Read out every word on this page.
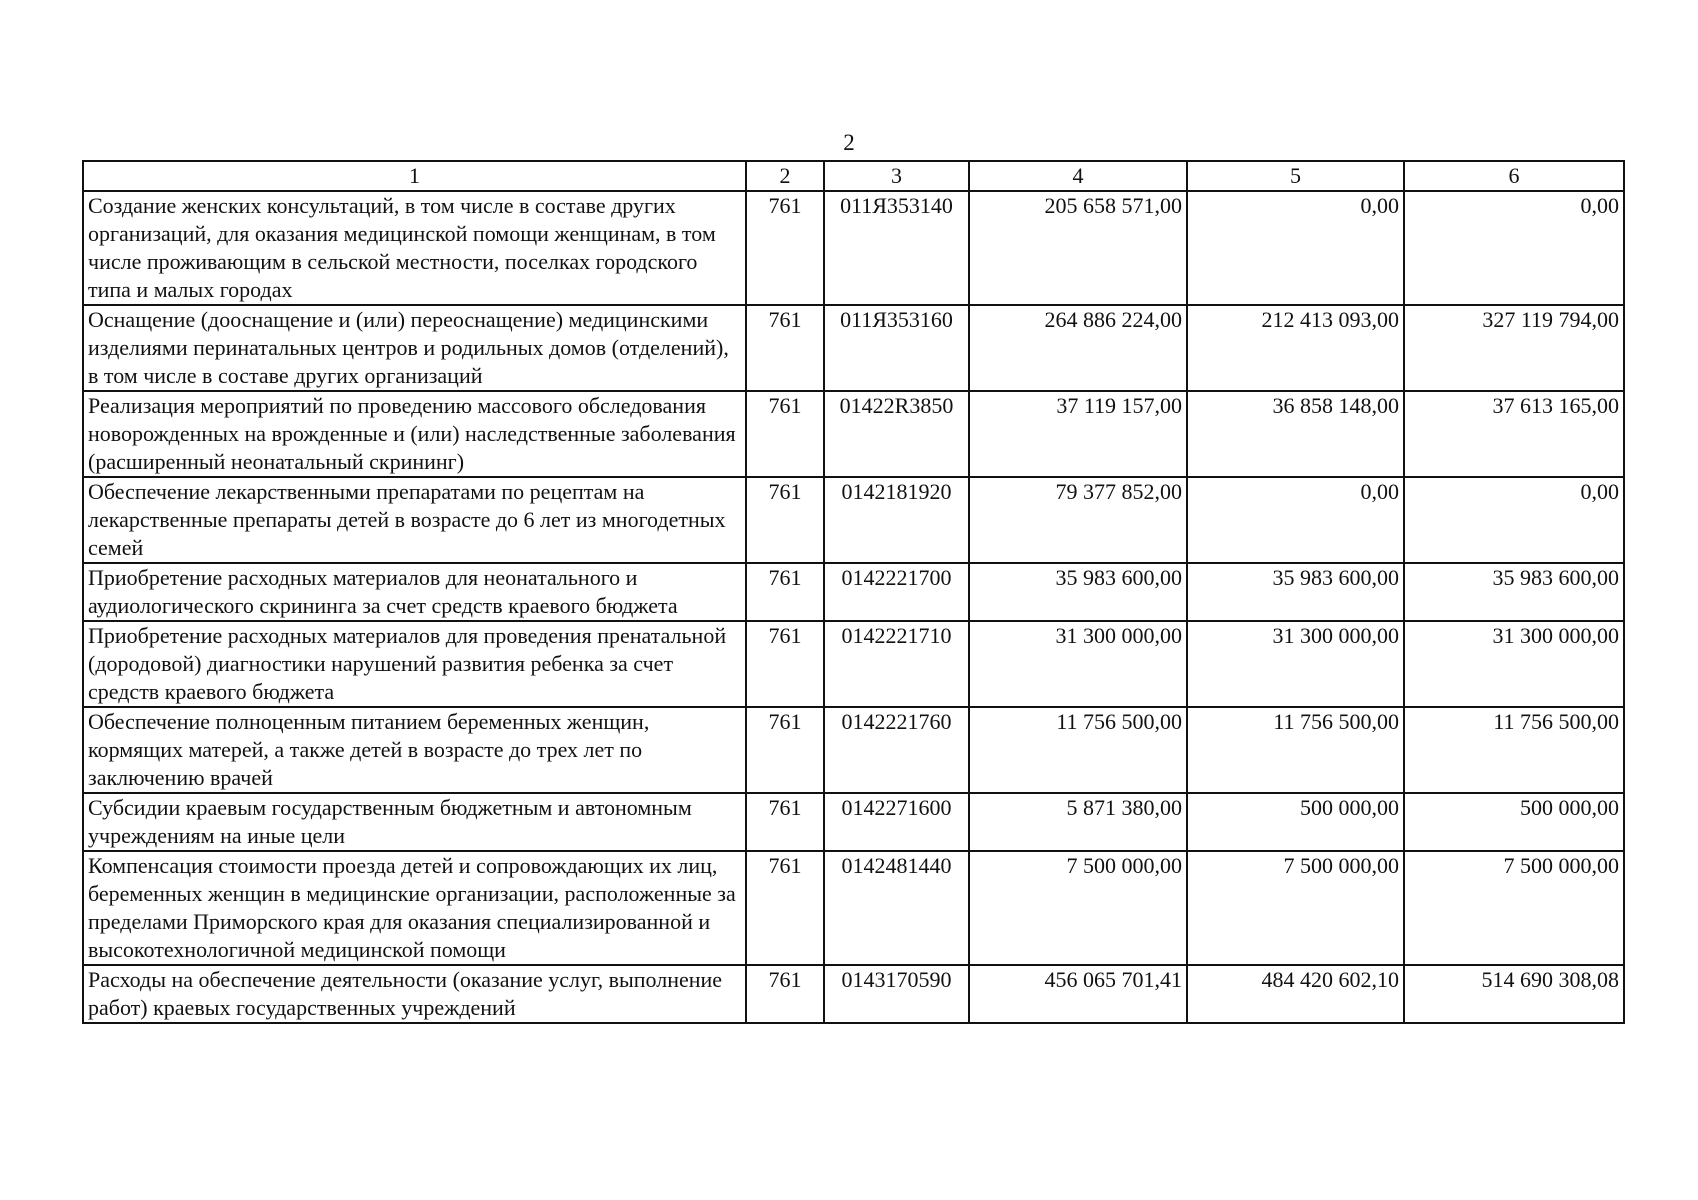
2
1	2	3	4	5	6
Создание женских консультаций, в том числе в составе других организаций, для оказания медицинской помощи женщинам, в том числе проживающим в сельской местности, поселках городского типа и малых городах	761	011Я353140	205 658 571,00	0,00	0,00
Оснащение (дооснащение и (или) переоснащение) медицинскими изделиями перинатальных центров и родильных домов (отделений), в том числе в составе других организаций	761	011Я353160	264 886 224,00	212 413 093,00	327 119 794,00
Реализация мероприятий по проведению массового обследования новорожденных на врожденные и (или) наследственные заболевания (расширенный неонатальный скрининг)	761	01422R3850	37 119 157,00	36 858 148,00	37 613 165,00
Обеспечение лекарственными препаратами по рецептам на лекарственные препараты детей в возрасте до 6 лет из многодетных семей	761	0142181920	79 377 852,00	0,00	0,00
Приобретение расходных материалов для неонатального и аудиологического скрининга за счет средств краевого бюджета	761	0142221700	35 983 600,00	35 983 600,00	35 983 600,00
Приобретение расходных материалов для проведения пренатальной (дородовой) диагностики нарушений развития ребенка за счет средств краевого бюджета	761	0142221710	31 300 000,00	31 300 000,00	31 300 000,00
Обеспечение полноценным питанием беременных женщин, кормящих матерей, а также детей в возрасте до трех лет по заключению врачей	761	0142221760	11 756 500,00	11 756 500,00	11 756 500,00
Субсидии краевым государственным бюджетным и автономным учреждениям на иные цели	761	0142271600	5 871 380,00	500 000,00	500 000,00
Компенсация стоимости проезда детей и сопровождающих их лиц, беременных женщин в медицинские организации, расположенные за пределами Приморского края для оказания специализированной и высокотехнологичной медицинской помощи	761	0142481440	7 500 000,00	7 500 000,00	7 500 000,00
Расходы на обеспечение деятельности (оказание услуг, выполнение работ) краевых государственных учреждений	761	0143170590	456 065 701,41	484 420 602,10	514 690 308,08
